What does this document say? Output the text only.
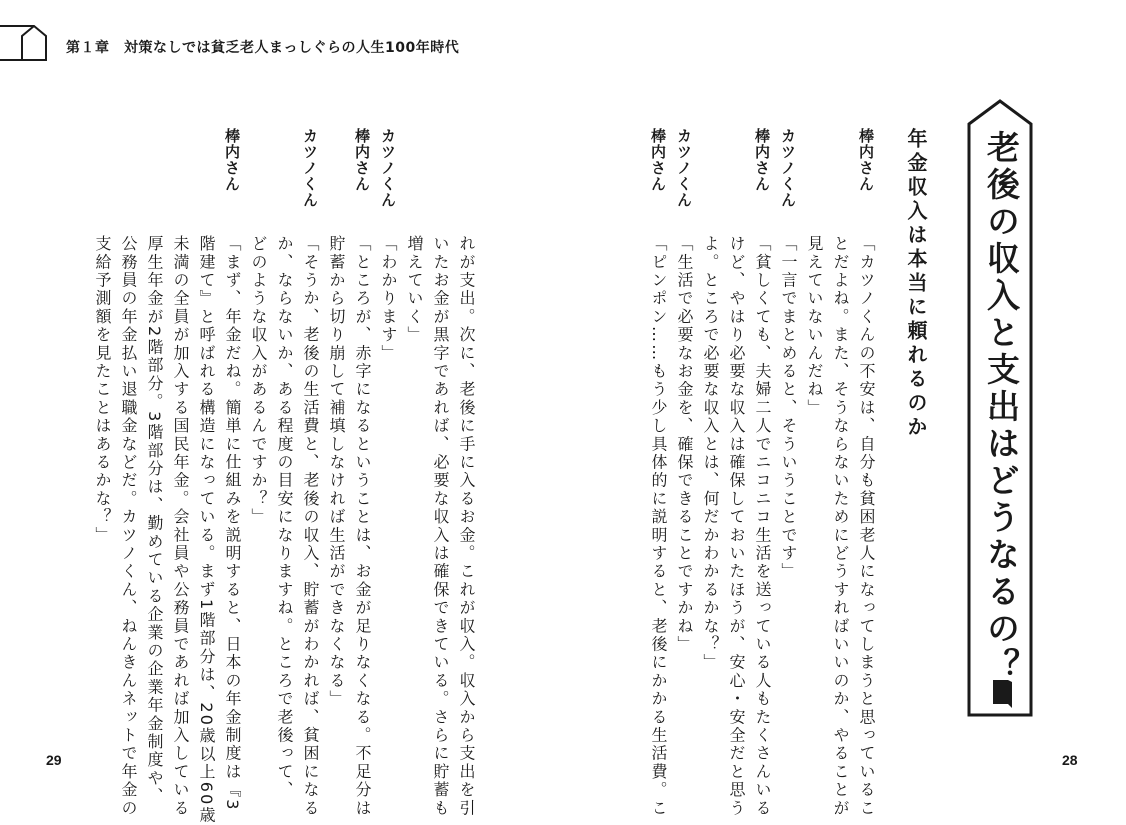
第１章　対策なしでは貧乏老人まっしぐらの人生100年時代
老後の収入と支出はどうなるの？
年金収入は本当に頼れるのか
棒内さん
カツノくん
棒内さん
カツノくん
棒内さん
カツノくん
棒内さん
カツノくん
棒内さん
「カツノくんの不安は、自分も貧困老人になってしまうと思っているこ
とだよね。また、そうならないためにどうすればいいのか、やることが
見えていないんだね」
「一言でまとめると、そういうことです」
「貧しくても、夫婦二人でニコニコ生活を送っている人もたくさんいる
けど、やはり必要な収入は確保しておいたほうが、安心・安全だと思う
よ。ところで必要な収入とは、何だかわかるかな？」
「生活で必要なお金を、確保できることですかね」
「ピンポン……もう少し具体的に説明すると、老後にかかる生活費。こ
れが支出。次に、老後に手に入るお金。これが収入。収入から支出を引
いたお金が黒字であれば、必要な収入は確保できている。さらに貯蓄も
増えていく」
「わかります」
「ところが、赤字になるということは、お金が足りなくなる。不足分は
貯蓄から切り崩して補填しなければ生活ができなくなる」
「そうか、老後の生活費と、老後の収入、貯蓄がわかれば、貧困になる
か、ならないか、ある程度の目安になりますね。ところで老後って、
どのような収入があるんですか？」
「まず、年金だね。簡単に仕組みを説明すると、日本の年金制度は『3
階建て』と呼ばれる構造になっている。まず1階部分は、20歳以上60歳
未満の全員が加入する国民年金。会社員や公務員であれば加入している
厚生年金が2階部分。3階部分は、勤めている企業の企業年金制度や、
公務員の年金払い退職金などだ。カツノくん、ねんきんネットで年金の
支給予測額を見たことはあるかな？」
29	28
